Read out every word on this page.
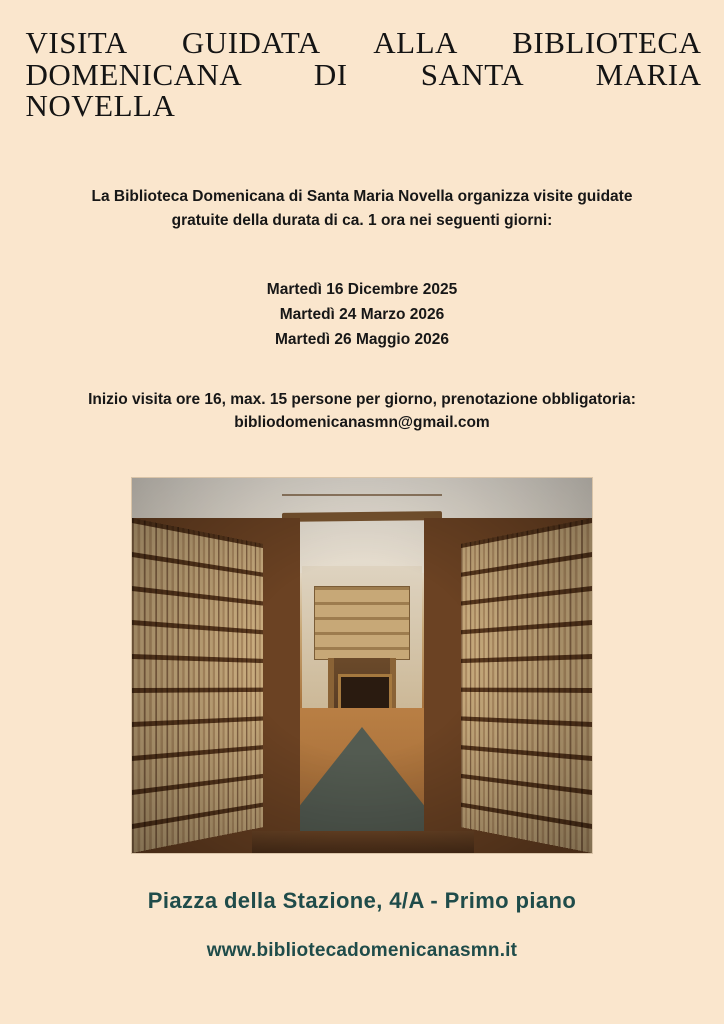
VISITA GUIDATA ALLA BIBLIOTECA
DOMENICANA DI SANTA MARIA
NOVELLA
La Biblioteca Domenicana di Santa Maria Novella organizza visite guidate
gratuite della durata di ca. 1 ora nei seguenti giorni:
Martedì 16 Dicembre 2025
Martedì 24 Marzo 2026
Martedì 26 Maggio 2026
Inizio visita ore 16, max. 15 persone per giorno, prenotazione obbligatoria:
bibliodomenicanasmn@gmail.com
Piazza della Stazione, 4/A - Primo piano
www.bibliotecadomenicanasmn.it
